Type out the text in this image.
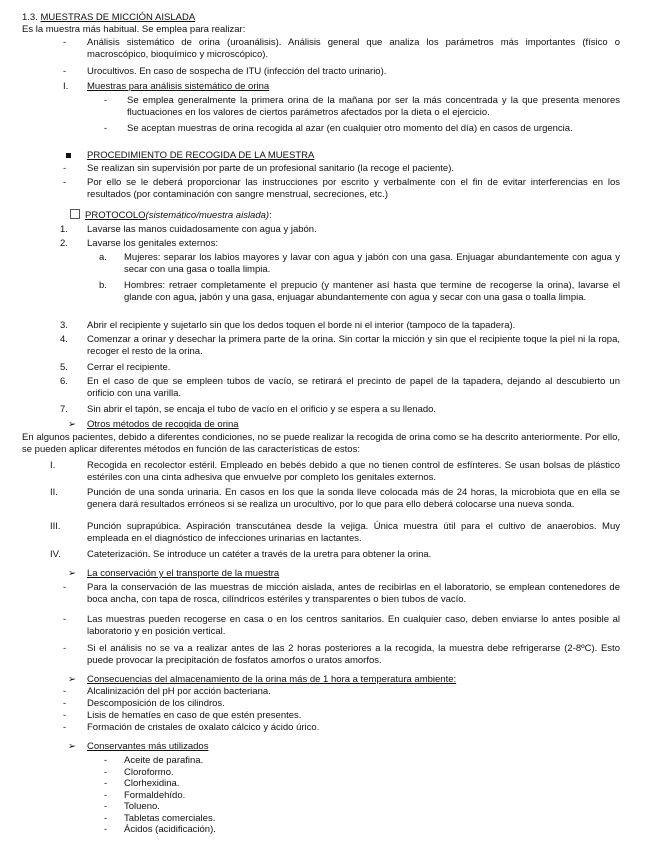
1.3. MUESTRAS DE MICCIÓN AISLADA
Es la muestra más habitual. Se emplea para realizar:
- Análisis sistemático de orina (uroanálisis). Análisis general que analiza los parámetros más importantes (físico o macroscópico, bioquímico y microscópico).
- Urocultivos. En caso de sospecha de ITU (infección del tracto urinario).
I. Muestras para análisis sistemático de orina
- Se emplea generalmente la primera orina de la mañana por ser la más concentrada y la que presenta menores fluctuaciones en los valores de ciertos parámetros afectados por la dieta o el ejercicio.
- Se aceptan muestras de orina recogida al azar (en cualquier otro momento del día) en casos de urgencia.
PROCEDIMIENTO DE RECOGIDA DE LA MUESTRA
- Se realizan sin supervisión por parte de un profesional sanitario (la recoge el paciente).
- Por ello se le deberá proporcionar las instrucciones por escrito y verbalmente con el fin de evitar interferencias en los resultados (por contaminación con sangre menstrual, secreciones, etc.)
PROTOCOLO(sistemático/muestra aislada):
1. Lavarse las manos cuidadosamente con agua y jabón.
2. Lavarse los genitales externos:
3. Abrir el recipiente y sujetarlo sin que los dedos toquen el borde ni el interior (tampoco de la tapadera).
4. Comenzar a orinar y desechar la primera parte de la orina. Sin cortar la micción y sin que el recipiente toque la piel ni la ropa, recoger el resto de la orina.
5. Cerrar el recipiente.
6. En el caso de que se empleen tubos de vacío, se retirará el precinto de papel de la tapadera, dejando al descubierto un orificio con una varilla.
7. Sin abrir el tapón, se encaja el tubo de vacío en el orificio y se espera a su llenado.
a. Mujeres: separar los labios mayores y lavar con agua y jabón con una gasa. Enjuagar abundantemente con agua y secar con una gasa o toalla limpia.
b. Hombres: retraer completamente el prepucio (y mantener así hasta que termine de recogerse la orina), lavarse el glande con agua, jabón y una gasa, enjuagar abundantemente con agua y secar con una gasa o toalla limpia.
➢ Otros métodos de recogida de orina
En algunos pacientes, debido a diferentes condiciones, no se puede realizar la recogida de orina como se ha descrito anteriormente. Por ello, se pueden aplicar diferentes métodos en función de las características de estos:
I.	Recogida en recolector estéril. Empleado en bebés debido a que no tienen control de esfínteres. Se usan bolsas de plástico estériles con una cinta adhesiva que envuelve por completo los genitales externos.
II.	Punción de una sonda urinaria. En casos en los que la sonda lleve colocada más de 24 horas, la microbiota que en ella se genera dará resultados erróneos si se realiza un urocultivo, por lo que para ello deberá colocarse una nueva sonda.
III.	Punción suprapúbica. Aspiración transcutánea desde la vejiga. Única muestra útil para el cultivo de anaerobios. Muy empleada en el diagnóstico de infecciones urinarias en lactantes.
IV.	Cateterización. Se introduce un catéter a través de la uretra para obtener la orina.
➢ La conservación y el transporte de la muestra
- Para la conservación de las muestras de micción aislada, antes de recibirlas en el laboratorio, se emplean contenedores de boca ancha, con tapa de rosca, cilíndricos estériles y transparentes o bien tubos de vacío.
- Las muestras pueden recogerse en casa o en los centros sanitarios. En cualquier caso, deben enviarse lo antes posible al laboratorio y en posición vertical.
- Si el análisis no se va a realizar antes de las 2 horas posteriores a la recogida, la muestra debe refrigerarse (2-8ºC). Esto puede provocar la precipitación de fosfatos amorfos o uratos amorfos.
➢ Consecuencias del almacenamiento de la orina más de 1 hora a temperatura ambiente:
- Alcalinización del pH por acción bacteriana.
- Descomposición de los cilindros.
- Lisis de hematíes en caso de que estén presentes.
- Formación de cristales de oxalato cálcico y ácido úrico.
➢ Conservantes más utilizados
- Aceite de parafina.
- Cloroformo.
- Clorhexidina.
- Formaldehído.
- Tolueno.
- Tabletas comerciales.
- Ácidos (acidificación).
